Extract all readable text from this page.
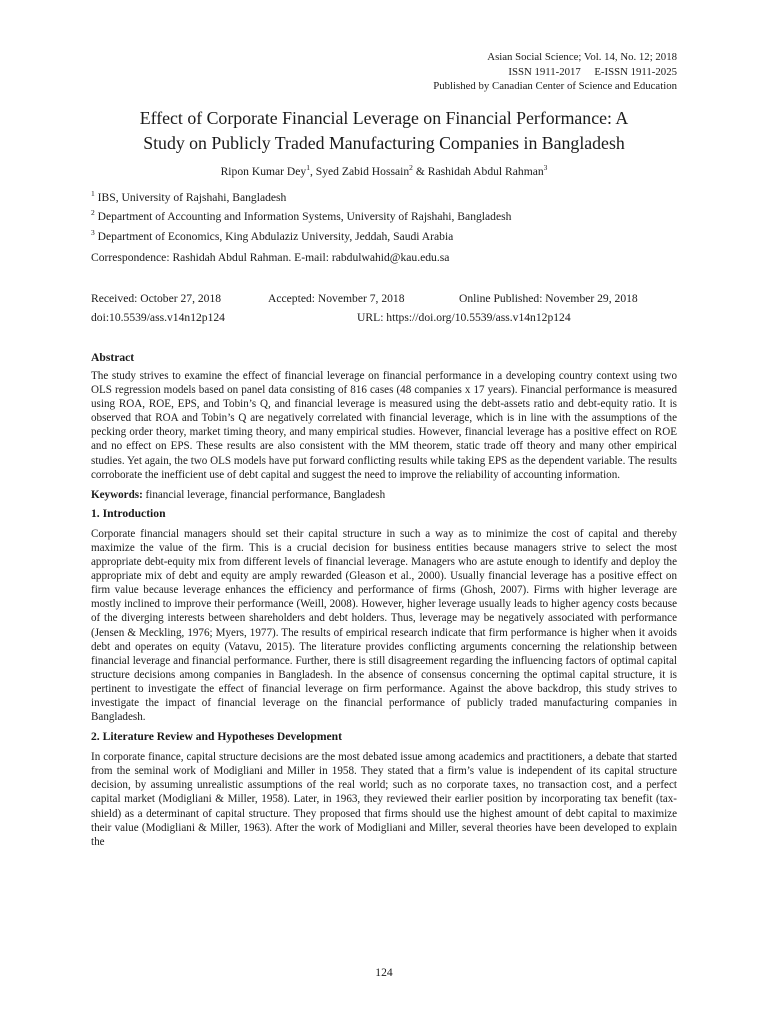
Asian Social Science; Vol. 14, No. 12; 2018
ISSN 1911-2017     E-ISSN 1911-2025
Published by Canadian Center of Science and Education
Effect of Corporate Financial Leverage on Financial Performance: A
Study on Publicly Traded Manufacturing Companies in Bangladesh
Ripon Kumar Dey$^1$, Syed Zabid Hossain$^2$ & Rashidah Abdul Rahman$^3$
$^1$ IBS, University of Rajshahi, Bangladesh
$^2$ Department of Accounting and Information Systems, University of Rajshahi, Bangladesh
$^3$ Department of Economics, King Abdulaziz University, Jeddah, Saudi Arabia
Correspondence: Rashidah Abdul Rahman. E-mail: rabdulwahid@kau.edu.sa
Received: October 27, 2018	Accepted: November 7, 2018	Online Published: November 29, 2018
doi:10.5539/ass.v14n12p124	URL: https://doi.org/10.5539/ass.v14n12p124
Abstract

The study strives to examine the effect of financial leverage on financial performance in a developing country context using two OLS regression models based on panel data consisting of 816 cases (48 companies x 17 years). Financial performance is measured using ROA, ROE, EPS, and Tobin’s Q, and financial leverage is measured using the debt-assets ratio and debt-equity ratio. It is observed that ROA and Tobin’s Q are negatively correlated with financial leverage, which is in line with the assumptions of the pecking order theory, market timing theory, and many empirical studies. However, financial leverage has a positive effect on ROE and no effect on EPS. These results are also consistent with the MM theorem, static trade off theory and many other empirical studies. Yet again, the two OLS models have put forward conflicting results while taking EPS as the dependent variable. The results corroborate the inefficient use of debt capital and suggest the need to improve the reliability of accounting information.

Keywords: financial leverage, financial performance, Bangladesh
1. Introduction

Corporate financial managers should set their capital structure in such a way as to minimize the cost of capital and thereby maximize the value of the firm. This is a crucial decision for business entities because managers strive to select the most appropriate debt-equity mix from different levels of financial leverage. Managers who are astute enough to identify and deploy the appropriate mix of debt and equity are amply rewarded (Gleason et al., 2000). Usually financial leverage has a positive effect on firm value because leverage enhances the efficiency and performance of firms (Ghosh, 2007). Firms with higher leverage are mostly inclined to improve their performance (Weill, 2008). However, higher leverage usually leads to higher agency costs because of the diverging interests between shareholders and debt holders. Thus, leverage may be negatively associated with performance (Jensen & Meckling, 1976; Myers, 1977). The results of empirical research indicate that firm performance is higher when it avoids debt and operates on equity (Vatavu, 2015). The literature provides conflicting arguments concerning the relationship between financial leverage and financial performance. Further, there is still disagreement regarding the influencing factors of optimal capital structure decisions among companies in Bangladesh. In the absence of consensus concerning the optimal capital structure, it is pertinent to investigate the effect of financial leverage on firm performance. Against the above backdrop, this study strives to investigate the impact of financial leverage on the financial performance of publicly traded manufacturing companies in Bangladesh.

2. Literature Review and Hypotheses Development

In corporate finance, capital structure decisions are the most debated issue among academics and practitioners, a debate that started from the seminal work of Modigliani and Miller in 1958. They stated that a firm’s value is independent of its capital structure decision, by assuming unrealistic assumptions of the real world; such as no corporate taxes, no transaction cost, and a perfect capital market (Modigliani & Miller, 1958). Later, in 1963, they reviewed their earlier position by incorporating tax benefit (tax-shield) as a determinant of capital structure. They proposed that firms should use the highest amount of debt capital to maximize their value (Modigliani & Miller, 1963). After the work of Modigliani and Miller, several theories have been developed to explain the

124
